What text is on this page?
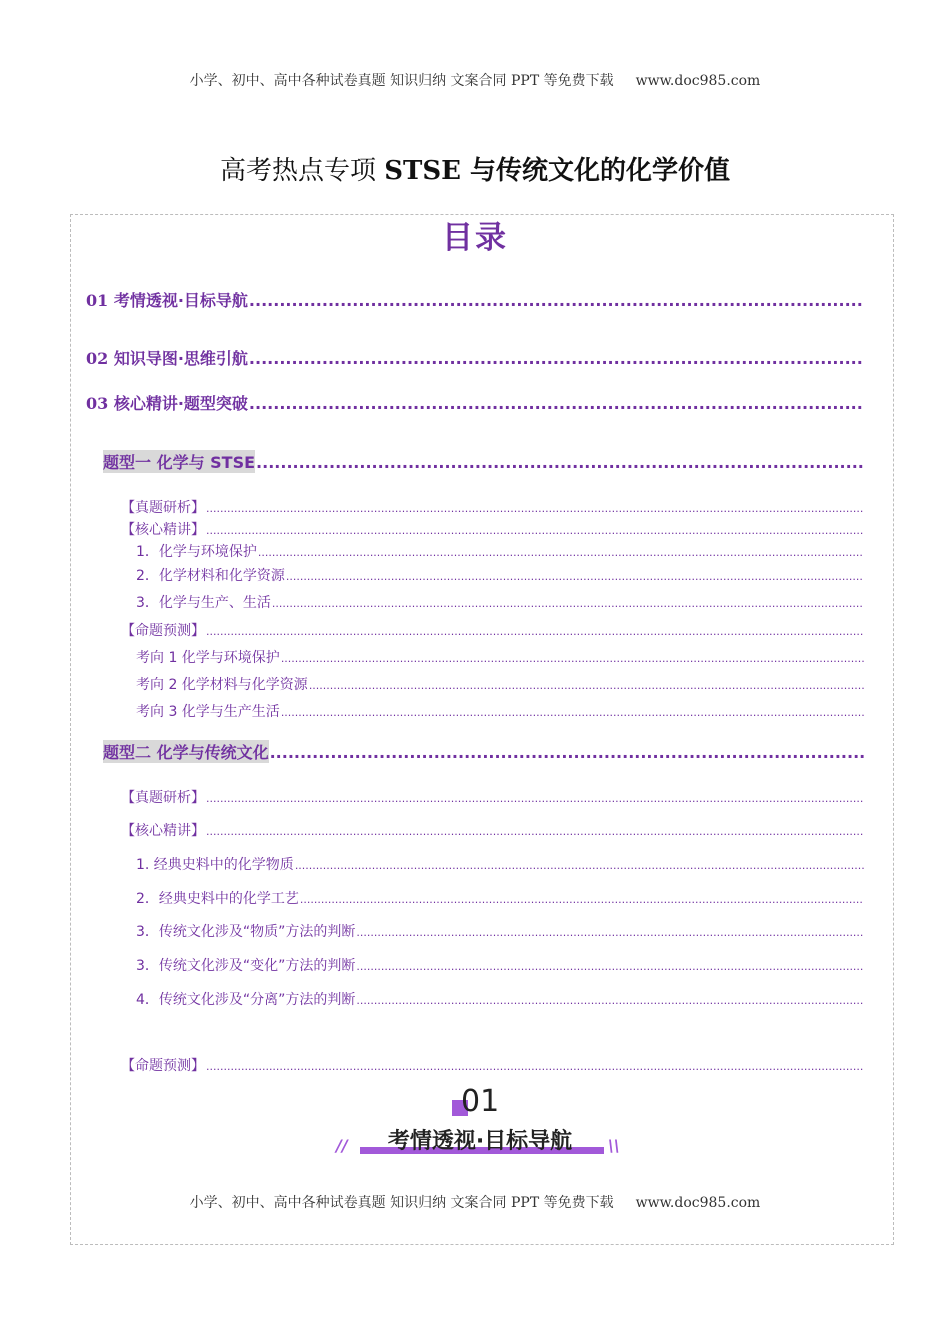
小学、初中、高中各种试卷真题 知识归纳 文案合同 PPT 等免费下载 www.doc985.com
高考热点专项 STSE 与传统文化的化学价值
目录
01 考情透视·目标导航
.....
02 知识导图·思维引航
.....
03 核心精讲·题型突破
.....
题型一 化学与 STSE
.....
【真题研析】
.....
【核心精讲】
.....
1．化学与环境保护
.....
2．化学材料和化学资源
.....
3．化学与生产、生活
.....
【命题预测】
.....
考向 1 化学与环境保护
.....
考向 2 化学材料与化学资源
.....
考向 3 化学与生产生活
.....
题型二 化学与传统文化
.....
【真题研析】
.....
【核心精讲】
.....
1. 经典史料中的化学物质
.....
2．经典史料中的化学工艺
.....
3．传统文化涉及“物质”方法的判断
.....
3．传统文化涉及“变化”方法的判断
.....
4．传统文化涉及“分离”方法的判断
.....
【命题预测】
.....
01
//	考情透视·目标导航	\\
小学、初中、高中各种试卷真题 知识归纳 文案合同 PPT 等免费下载 www.doc985.com
